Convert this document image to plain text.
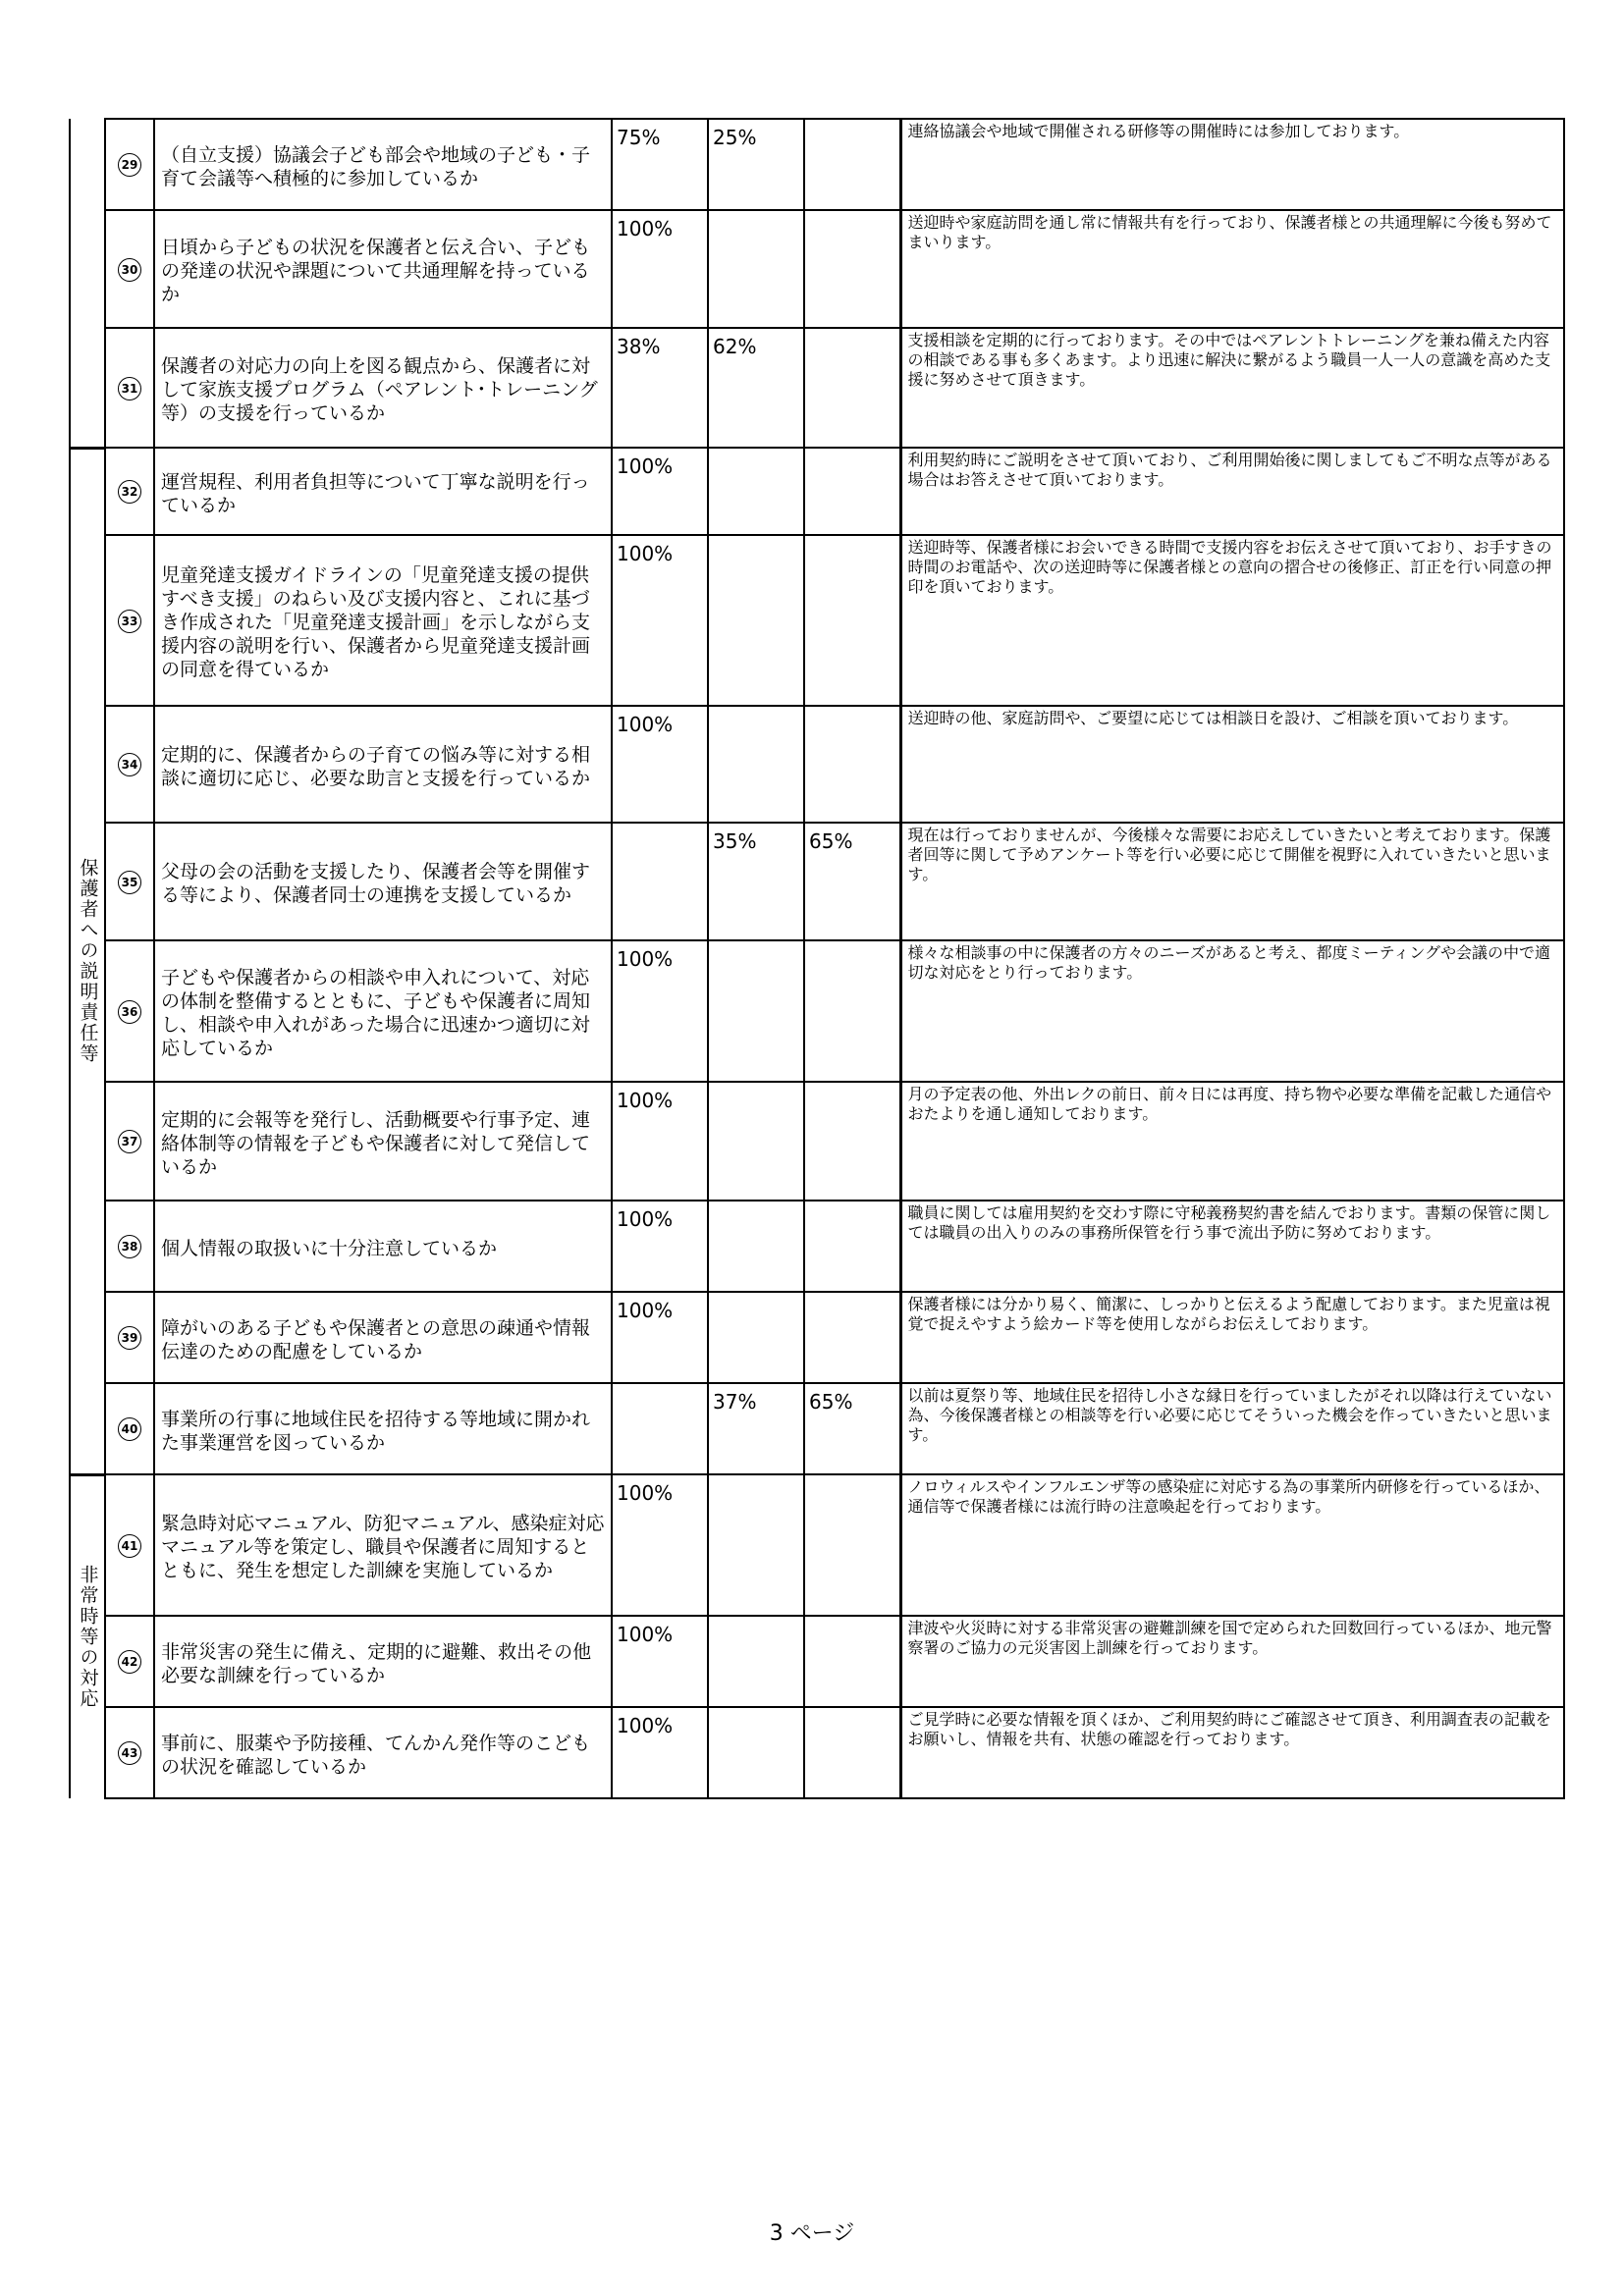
	29	（自立支援）協議会子ども部会や地域の子ども・子育て会議等へ積極的に参加しているか	75%	25%		連絡協議会や地域で開催される研修等の開催時には参加しております。
	30	日頃から子どもの状況を保護者と伝え合い、子どもの発達の状況や課題について共通理解を持っているか	100%			送迎時や家庭訪問を通し常に情報共有を行っており、保護者様との共通理解に今後も努めてまいります。
	31	保護者の対応力の向上を図る観点から、保護者に対して家族支援プログラム（ペアレント･トレーニング等）の支援を行っているか	38%	62%		支援相談を定期的に行っております。その中ではペアレントトレーニングを兼ね備えた内容の相談である事も多くあます。より迅速に解決に繋がるよう職員一人一人の意識を高めた支援に努めさせて頂きます。

保護者への説明責任等	32	運営規程、利用者負担等について丁寧な説明を行っているか	100%			利用契約時にご説明をさせて頂いており、ご利用開始後に関しましてもご不明な点等がある場合はお答えさせて頂いております。
	33	児童発達支援ガイドラインの「児童発達支援の提供すべき支援」のねらい及び支援内容と、これに基づき作成された「児童発達支援計画」を示しながら支援内容の説明を行い、保護者から児童発達支援計画の同意を得ているか	100%			送迎時等、保護者様にお会いできる時間で支援内容をお伝えさせて頂いており、お手すきの時間のお電話や、次の送迎時等に保護者様との意向の摺合せの後修正、訂正を行い同意の押印を頂いております。
	34	定期的に、保護者からの子育ての悩み等に対する相談に適切に応じ、必要な助言と支援を行っているか	100%			送迎時の他、家庭訪問や、ご要望に応じては相談日を設け、ご相談を頂いております。
	35	父母の会の活動を支援したり、保護者会等を開催する等により、保護者同士の連携を支援しているか		35%	65%	現在は行っておりませんが、今後様々な需要にお応えしていきたいと考えております。保護者回等に関して予めアンケート等を行い必要に応じて開催を視野に入れていきたいと思います。
	36	子どもや保護者からの相談や申入れについて、対応の体制を整備するとともに、子どもや保護者に周知し、相談や申入れがあった場合に迅速かつ適切に対応しているか	100%			様々な相談事の中に保護者の方々のニーズがあると考え、都度ミーティングや会議の中で適切な対応をとり行っております。
	37	定期的に会報等を発行し、活動概要や行事予定、連絡体制等の情報を子どもや保護者に対して発信しているか	100%			月の予定表の他、外出レクの前日、前々日には再度、持ち物や必要な準備を記載した通信やおたよりを通し通知しております。
	38	個人情報の取扱いに十分注意しているか	100%			職員に関しては雇用契約を交わす際に守秘義務契約書を結んでおります。書類の保管に関しては職員の出入りのみの事務所保管を行う事で流出予防に努めております。
	39	障がいのある子どもや保護者との意思の疎通や情報伝達のための配慮をしているか	100%			保護者様には分かり易く、簡潔に、しっかりと伝えるよう配慮しております。また児童は視覚で捉えやすよう絵カード等を使用しながらお伝えしております。
	40	事業所の行事に地域住民を招待する等地域に開かれた事業運営を図っているか		37%	65%	以前は夏祭り等、地域住民を招待し小さな縁日を行っていましたがそれ以降は行えていない為、今後保護者様との相談等を行い必要に応じてそういった機会を作っていきたいと思います。

非常時等の対応	41	緊急時対応マニュアル、防犯マニュアル、感染症対応マニュアル等を策定し、職員や保護者に周知するとともに、発生を想定した訓練を実施しているか	100%			ノロウィルスやインフルエンザ等の感染症に対応する為の事業所内研修を行っているほか、通信等で保護者様には流行時の注意喚起を行っております。
	42	非常災害の発生に備え、定期的に避難、救出その他必要な訓練を行っているか	100%			津波や火災時に対する非常災害の避難訓練を国で定められた回数回行っているほか、地元警察署のご協力の元災害図上訓練を行っております。
	43	事前に、服薬や予防接種、てんかん発作等のこどもの状況を確認しているか	100%			ご見学時に必要な情報を頂くほか、ご利用契約時にご確認させて頂き、利用調査表の記載をお願いし、情報を共有、状態の確認を行っております。
3 ページ
